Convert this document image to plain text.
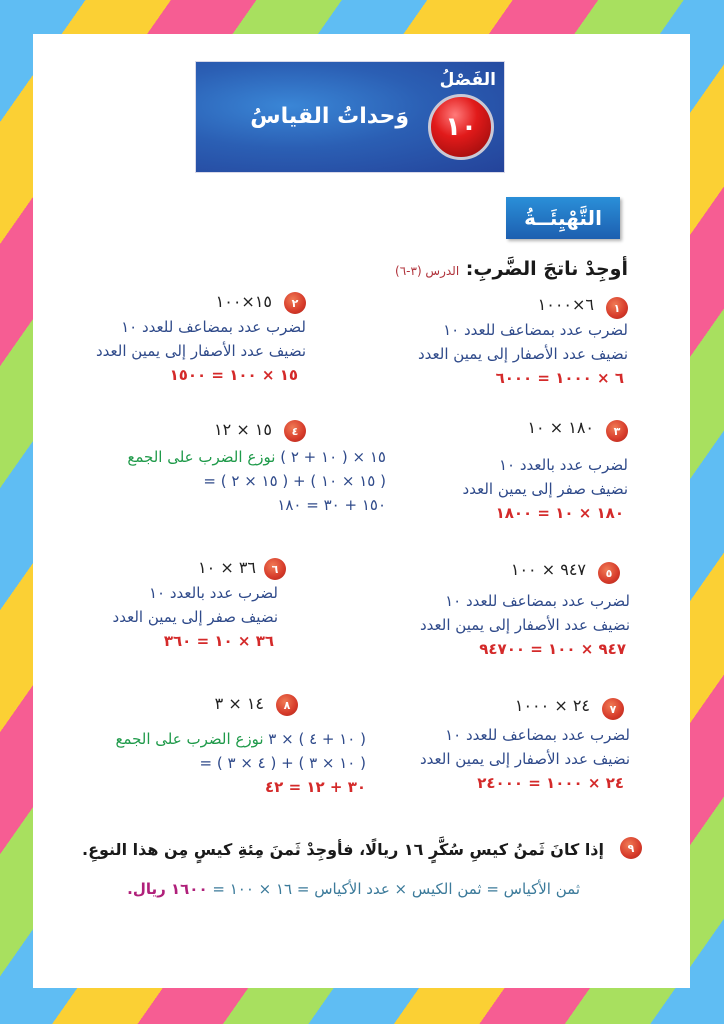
الفَصْلُ
١٠
وَحداتُ القياسُ
التَّهْيِئَــةُ
أوجِدْ ناتجَ الضَّربِ: الدرس (٣-٦)
١
٦×١٠٠٠
لضرب عدد بمضاعف للعدد ١٠
نضيف عدد الأصفار إلى يمين العدد
٦ × ١٠٠٠ = ٦٠٠٠
٢
١٥×١٠٠
لضرب عدد بمضاعف للعدد ١٠
نضيف عدد الأصفار إلى يمين العدد
١٥ × ١٠٠ = ١٥٠٠
٣
١٨٠ × ١٠
لضرب عدد بالعدد ١٠
نضيف صفر إلى يمين العدد
١٨٠ × ١٠ = ١٨٠٠
٤
١٥ × ١٢
١٥ × ( ١٠ + ٢ ) نوزع الضرب على الجمع
( ١٥ × ١٠ ) + ( ١٥ × ٢ ) =
١٥٠ + ٣٠ = ١٨٠
٥
٩٤٧ × ١٠٠
لضرب عدد بمضاعف للعدد ١٠
نضيف عدد الأصفار إلى يمين العدد
٩٤٧ × ١٠٠ = ٩٤٧٠٠
٦
٣٦ × ١٠
لضرب عدد بالعدد ١٠
نضيف صفر إلى يمين العدد
٣٦ × ١٠ = ٣٦٠
٧
٢٤ × ١٠٠٠
لضرب عدد بمضاعف للعدد ١٠
نضيف عدد الأصفار إلى يمين العدد
٢٤ × ١٠٠٠ = ٢٤٠٠٠
٨
١٤ × ٣
( ١٠ + ٤ ) × ٣ نوزع الضرب على الجمع
( ١٠ × ٣ ) + ( ٤ × ٣ ) =
٣٠ + ١٢ = ٤٢
٩
إذا كانَ ثَمنُ كيسِ سُكَّرٍ ١٦ ريالًا، فأوجِدْ ثَمنَ مِئةِ كيسٍ مِن هذا النوعِ.
ثمن الأكياس = ثمن الكيس × عدد الأكياس = ١٦ × ١٠٠ = ١٦٠٠ ريال.
